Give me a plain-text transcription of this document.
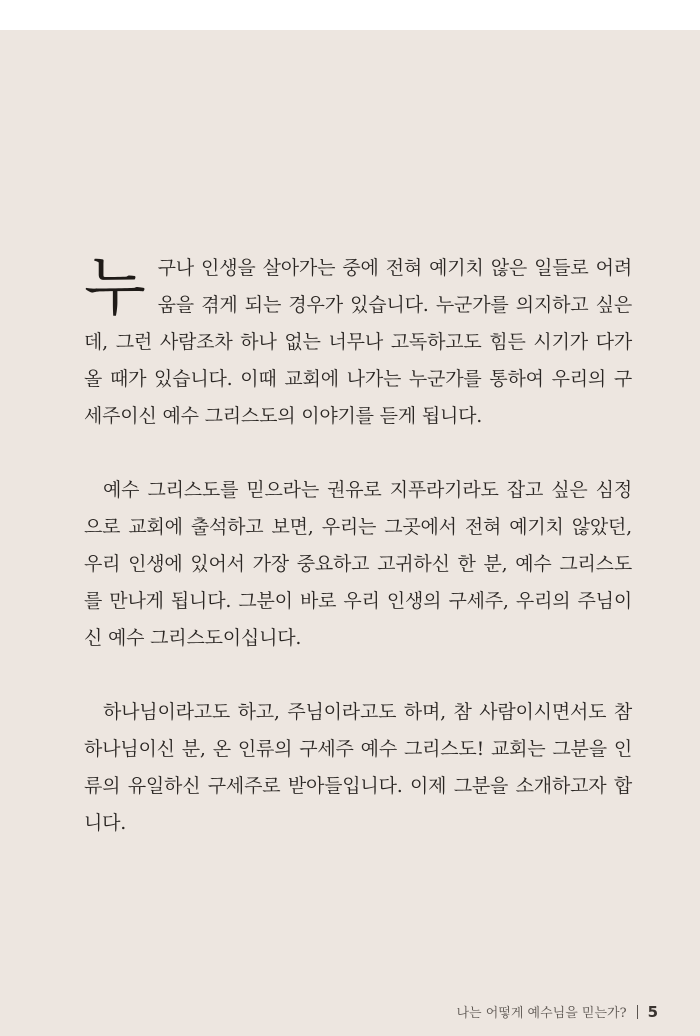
누구나 인생을 살아가는 중에 전혀 예기치 않은 일들로 어려움을 겪게 되는 경우가 있습니다. 누군가를 의지하고 싶은데, 그런 사람조차 하나 없는 너무나 고독하고도 힘든 시기가 다가올 때가 있습니다. 이때 교회에 나가는 누군가를 통하여 우리의 구세주이신 예수 그리스도의 이야기를 듣게 됩니다.

예수 그리스도를 믿으라는 권유로 지푸라기라도 잡고 싶은 심정으로 교회에 출석하고 보면, 우리는 그곳에서 전혀 예기치 않았던, 우리 인생에 있어서 가장 중요하고 고귀하신 한 분, 예수 그리스도를 만나게 됩니다. 그분이 바로 우리 인생의 구세주, 우리의 주님이신 예수 그리스도이십니다.

하나님이라고도 하고, 주님이라고도 하며, 참 사람이시면서도 참 하나님이신 분, 온 인류의 구세주 예수 그리스도! 교회는 그분을 인류의 유일하신 구세주로 받아들입니다. 이제 그분을 소개하고자 합니다.

나는 어떻게 예수님을 믿는가? 5
